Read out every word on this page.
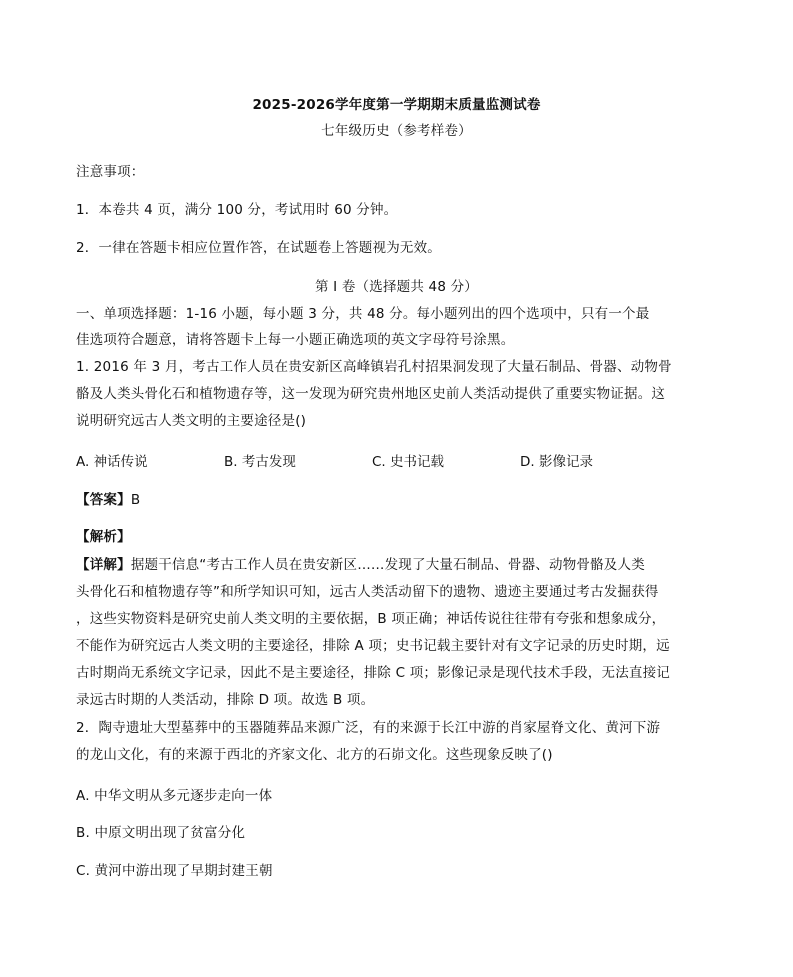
2025-2026学年度第一学期期末质量监测试卷
七年级历史（参考样卷）
注意事项：
1．本卷共 4 页，满分 100 分，考试用时 60 分钟。
2．一律在答题卡相应位置作答，在试题卷上答题视为无效。
第 I 卷（选择题共 48 分）
一、单项选择题：1-16 小题，每小题 3 分，共 48 分。每小题列出的四个选项中，只有一个最
佳选项符合题意，请将答题卡上每一小题正确选项的英文字母符号涂黑。
1. 2016 年 3 月，考古工作人员在贵安新区高峰镇岩孔村招果洞发现了大量石制品、骨器、动物骨
骼及人类头骨化石和植物遗存等，这一发现为研究贵州地区史前人类活动提供了重要实物证据。这
说明研究远古人类文明的主要途径是()
A. 神话传说	B. 考古发现	C. 史书记载	D. 影像记录
【答案】B
【解析】
【详解】据题干信息“考古工作人员在贵安新区……发现了大量石制品、骨器、动物骨骼及人类
头骨化石和植物遗存等”和所学知识可知，远古人类活动留下的遗物、遗迹主要通过考古发掘获得
，这些实物资料是研究史前人类文明的主要依据，B 项正确；神话传说往往带有夸张和想象成分，
不能作为研究远古人类文明的主要途径，排除 A 项；史书记载主要针对有文字记录的历史时期，远
古时期尚无系统文字记录，因此不是主要途径，排除 C 项；影像记录是现代技术手段，无法直接记
录远古时期的人类活动，排除 D 项。故选 B 项。
2．陶寺遗址大型墓葬中的玉器随葬品来源广泛，有的来源于长江中游的肖家屋脊文化、黄河下游
的龙山文化，有的来源于西北的齐家文化、北方的石峁文化。这些现象反映了()
A. 中华文明从多元逐步走向一体
B. 中原文明出现了贫富分化
C. 黄河中游出现了早期封建王朝
